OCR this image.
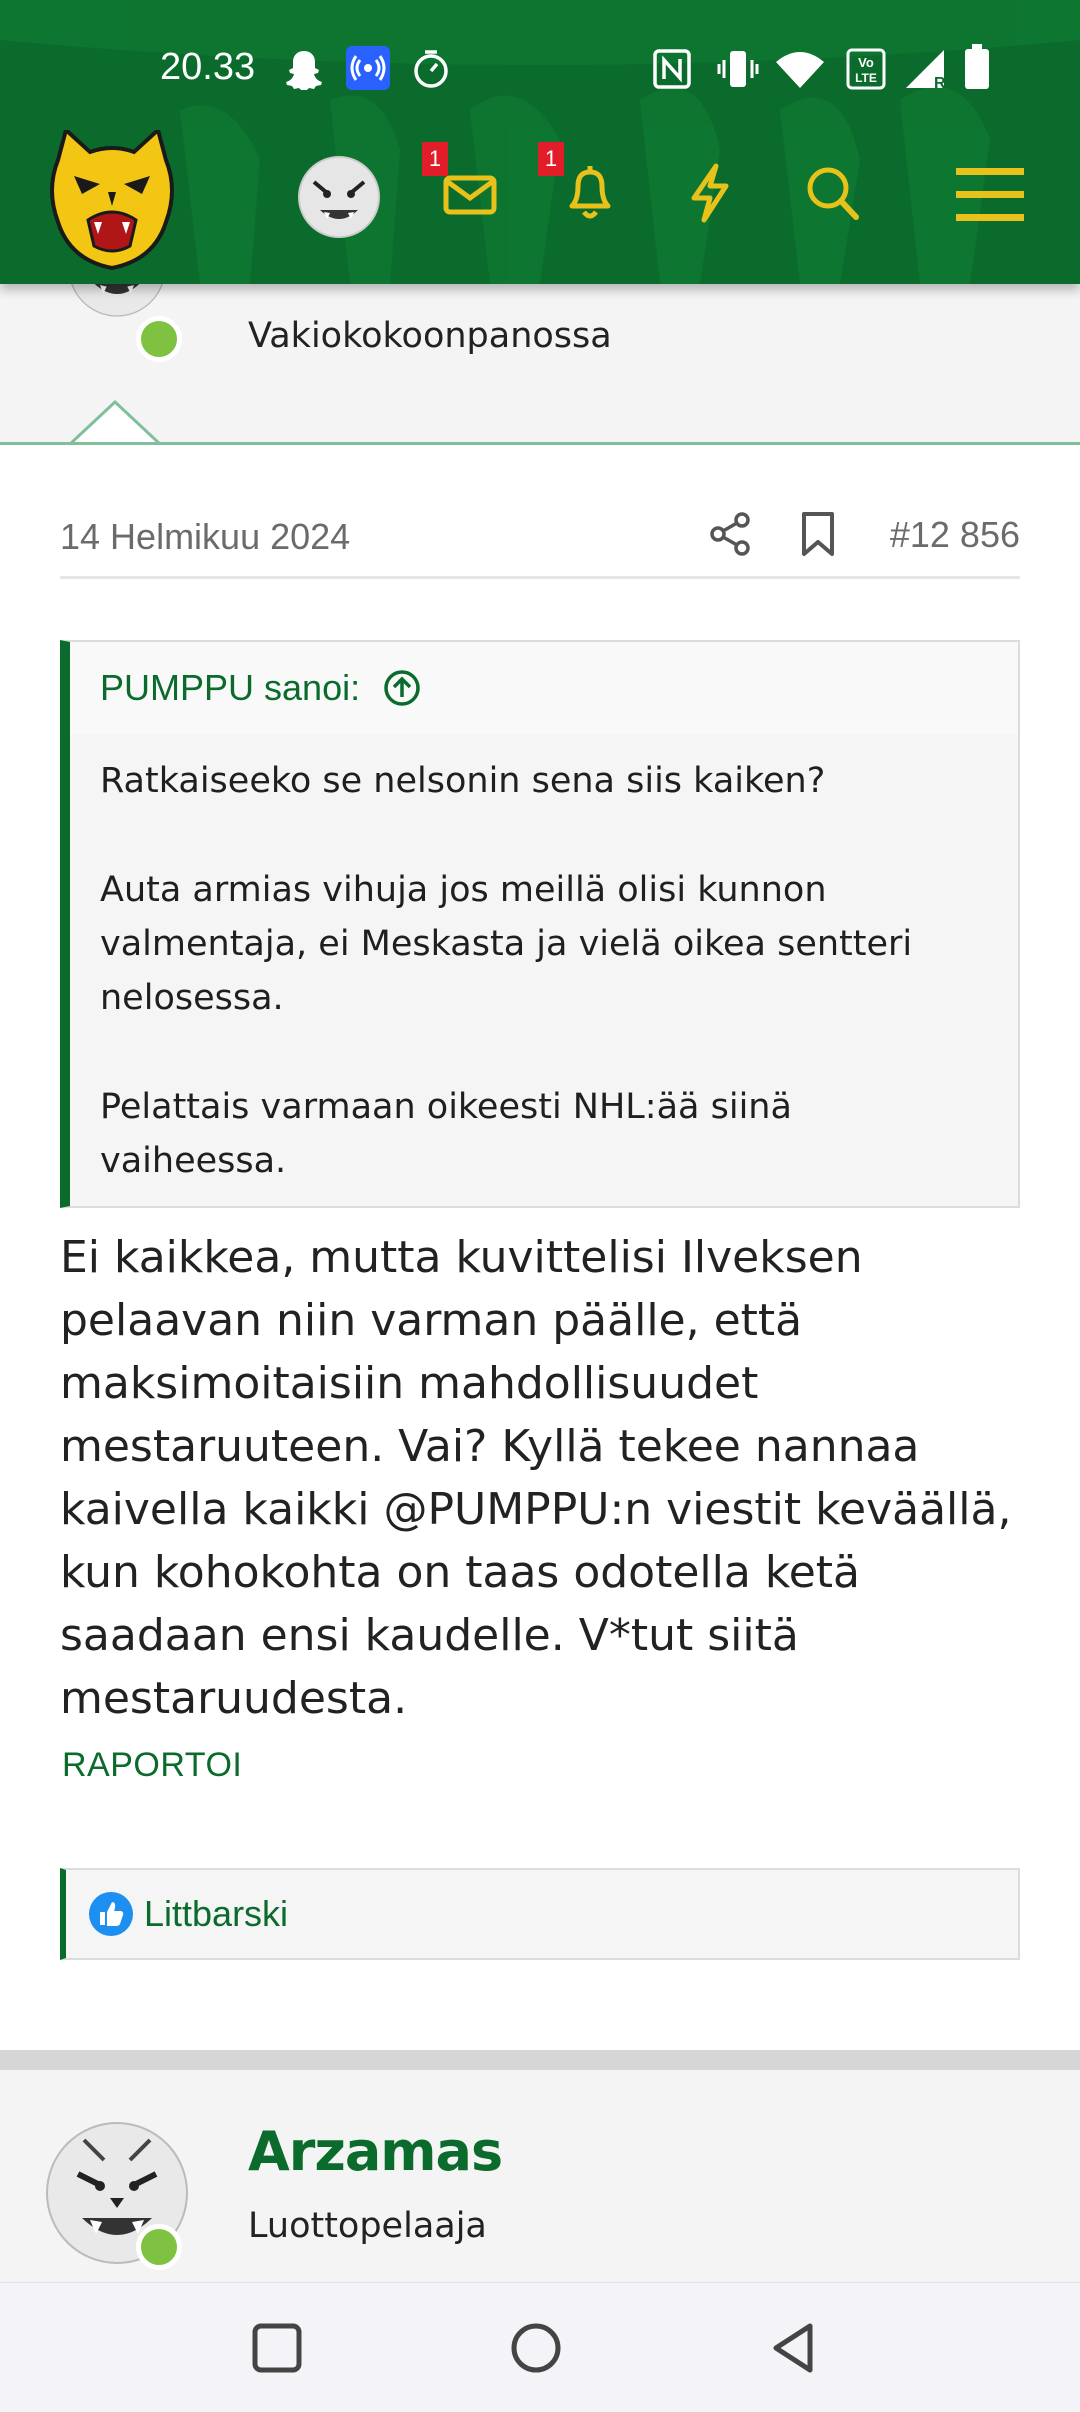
20.33	Vo
LTE	R
1	1
Vakiokokoonpanossa
14 Helmikuu 2024	#12 856
PUMPPU sanoi:

Ratkaiseeko se nelsonin sena siis kaiken?

Auta armias vihuja jos meillä olisi kunnon valmentaja, ei Meskasta ja vielä oikea sentteri nelosessa.

Pelattais varmaan oikeesti NHL:ää siinä vaiheessa.

Ei kaikkea, mutta kuvittelisi Ilveksen pelaavan niin varman päälle, että maksimoitaisiin mahdollisuudet mestaruuteen. Vai? Kyllä tekee nannaa kaivella kaikki @PUMPPU:n viestit keväällä, kun kohokohta on taas odotella ketä saadaan ensi kaudelle. V*tut siitä mestaruudesta.
RAPORTOI
Littbarski
Arzamas
Luottopelaaja
